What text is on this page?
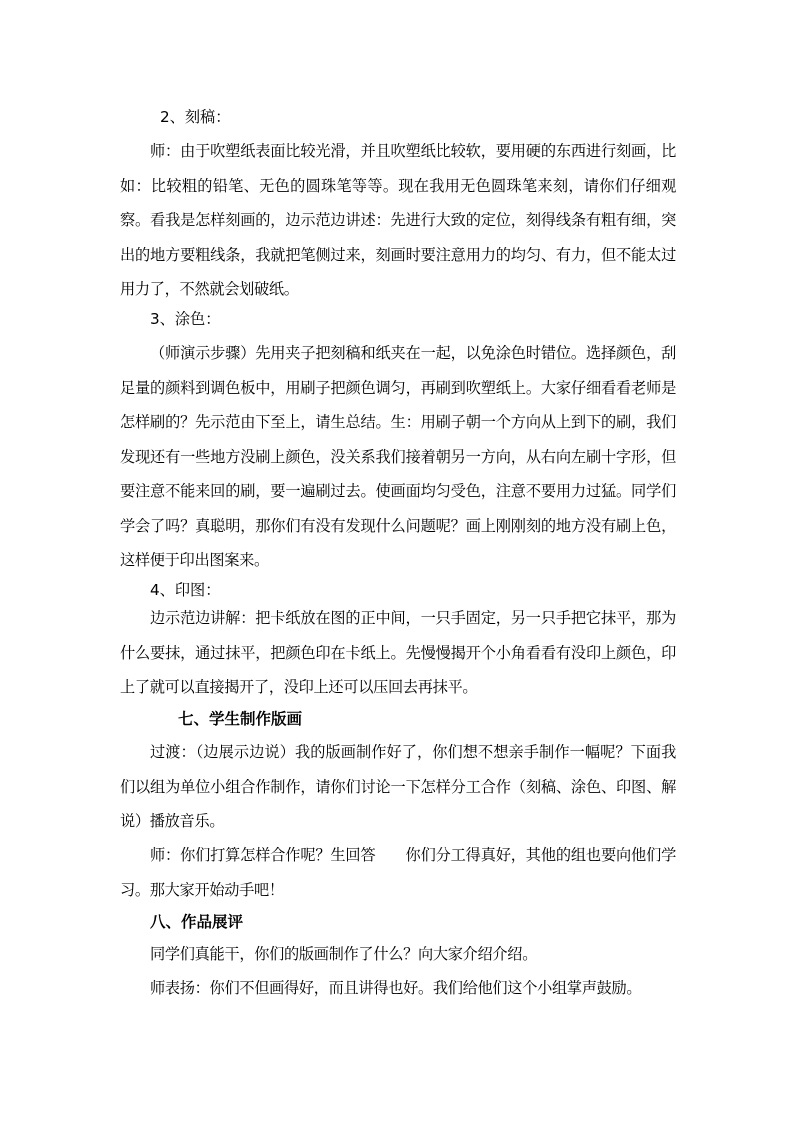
2、刻稿：

师：由于吹塑纸表面比较光滑，并且吹塑纸比较软，要用硬的东西进行刻画，比如：比较粗的铅笔、无色的圆珠笔等等。现在我用无色圆珠笔来刻，请你们仔细观察。看我是怎样刻画的，边示范边讲述：先进行大致的定位，刻得线条有粗有细，突出的地方要粗线条，我就把笔侧过来，刻画时要注意用力的均匀、有力，但不能太过用力了，不然就会划破纸。

3、涂色：

（师演示步骤）先用夹子把刻稿和纸夹在一起，以免涂色时错位。选择颜色，刮足量的颜料到调色板中，用刷子把颜色调匀，再刷到吹塑纸上。大家仔细看看老师是怎样刷的？先示范由下至上，请生总结。生：用刷子朝一个方向从上到下的刷，我们发现还有一些地方没刷上颜色，没关系我们接着朝另一方向，从右向左刷十字形，但要注意不能来回的刷，要一遍刷过去。使画面均匀受色，注意不要用力过猛。同学们学会了吗？真聪明，那你们有没有发现什么问题呢？画上刚刚刻的地方没有刷上色，这样便于印出图案来。

4、印图：

边示范边讲解：把卡纸放在图的正中间，一只手固定，另一只手把它抹平，那为什么要抹，通过抹平，把颜色印在卡纸上。先慢慢揭开个小角看看有没印上颜色，印上了就可以直接揭开了，没印上还可以压回去再抹平。

七、学生制作版画

过渡：（边展示边说）我的版画制作好了，你们想不想亲手制作一幅呢？下面我们以组为单位小组合作制作，请你们讨论一下怎样分工合作（刻稿、涂色、印图、解说）播放音乐。

师：你们打算怎样合作呢？生回答　　你们分工得真好，其他的组也要向他们学习。那大家开始动手吧！

八、作品展评

同学们真能干，你们的版画制作了什么？向大家介绍介绍。

师表扬：你们不但画得好，而且讲得也好。我们给他们这个小组掌声鼓励。
